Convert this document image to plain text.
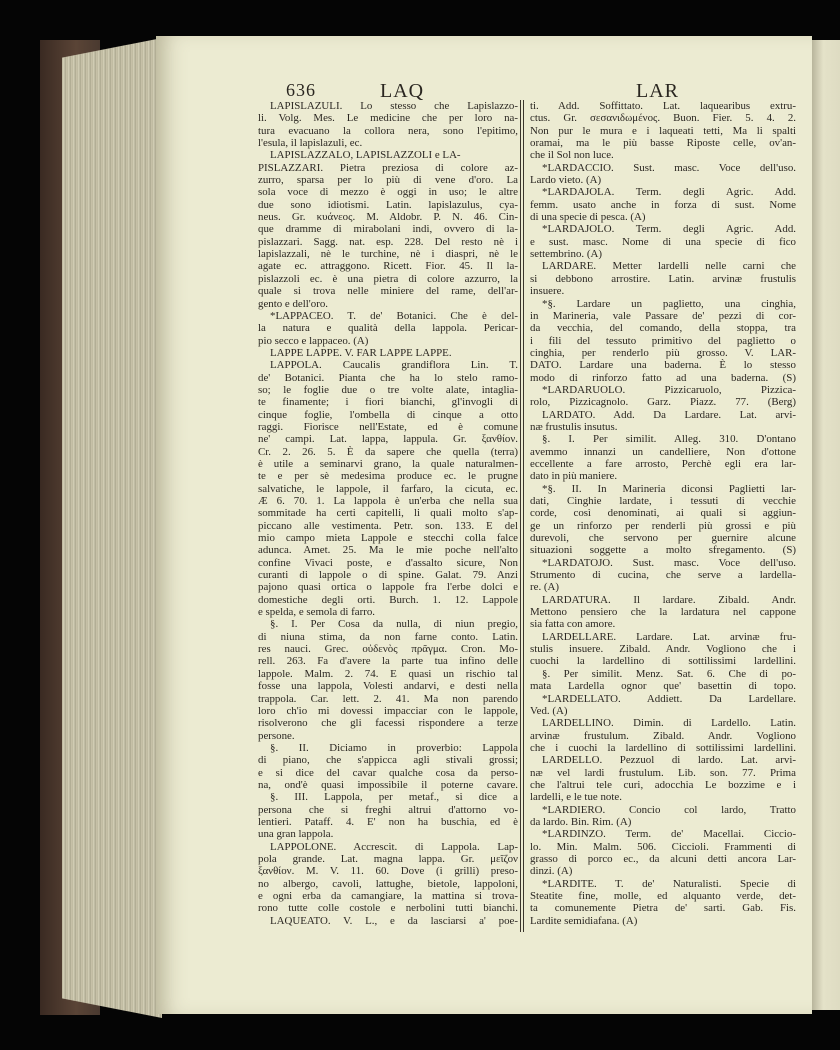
636	LAQ	LAR
LAPISLAZULI. Lo stesso che Lapislazzo-
li. Volg. Mes. Le medicine che per loro na-
tura evacuano la collora nera, sono l'epitimo,
l'esula, il lapislazuli, ec.
LAPISLAZZALO, LAPISLAZZOLI e LA-
PISLAZZARI. Pietra preziosa di colore az-
zurro, sparsa per lo più di vene d'oro. La
sola voce di mezzo è oggi in uso; le altre
due sono idiotismi. Latin. lapislazulus, cya-
neus. Gr. κυάνεος. M. Aldobr. P. N. 46. Cin-
que dramme di mirabolani indi, ovvero di la-
pislazzari. Sagg. nat. esp. 228. Del resto nè i
lapislazzali, nè le turchine, nè i diaspri, nè le
agate ec. attraggono. Ricett. Fior. 45. Il la-
pislazzoli ec. è una pietra di colore azzurro, la
quale si trova nelle miniere del rame, dell'ar-
gento e dell'oro.
*LAPPACEO. T. de' Botanici. Che è del-
la natura e qualità della lappola. Pericar-
pio secco e lappaceo. (A)
LAPPE LAPPE. V. FAR LAPPE LAPPE.
LAPPOLA. Caucalis grandiflora Lin. T.
de' Botanici. Pianta che ha lo stelo ramo-
so; le foglie due o tre volte alate, intaglia-
te finamente; i fiori bianchi, gl'invogli di
cinque foglie, l'ombella di cinque a otto
raggi. Fiorisce nell'Estate, ed è comune
ne' campi. Lat. lappa, lappula. Gr. ξανθίον.
Cr. 2. 26. 5. È da sapere che quella (terra)
è utile a seminarvi grano, la quale naturalmen-
te e per sè medesima produce ec. le prugne
salvatiche, le lappole, il farfaro, la cicuta, ec.
Æ 6. 70. 1. La lappola è un'erba che nella sua
sommitade ha certi capitelli, li quali molto s'ap-
piccano alle vestimenta. Petr. son. 133. E del
mio campo mieta Lappole e stecchi colla falce
adunca. Amet. 25. Ma le mie poche nell'alto
confine Vivaci poste, e d'assalto sicure, Non
curanti di lappole o di spine. Galat. 79. Anzi
pajono quasi ortica o lappole fra l'erbe dolci e
domestiche degli orti. Burch. 1. 12. Lappole
e spelda, e semola di farro.
§. I. Per Cosa da nulla, di niun pregio,
di niuna stima, da non farne conto. Latin.
res nauci. Grec. οὐδενὸς πρᾶγμα. Cron. Mo-
rell. 263. Fa d'avere la parte tua infino delle
lappole. Malm. 2. 74. E quasi un rischio tal
fosse una lappola, Volesti andarvi, e desti nella
trappola. Car. lett. 2. 41. Ma non parendo
loro ch'io mi dovessi impacciar con le lappole,
risolverono che gli facessi rispondere a terze
persone.
§. II. Diciamo in proverbio: Lappola
di piano, che s'appicca agli stivali grossi;
e si dice del cavar qualche cosa da perso-
na, ond'è quasi impossibile il poterne cavare.
§. III. Lappola, per metaf., si dice a
persona che si freghi altrui d'attorno vo-
lentieri. Pataff. 4. E' non ha buschia, ed è
una gran lappola.
LAPPOLONE. Accrescit. di Lappola. Lap-
pola grande. Lat. magna lappa. Gr. μεῖζον
ξανθίον. M. V. 11. 60. Dove (i grilli) preso-
no albergo, cavoli, lattughe, bietole, lappoloni,
e ogni erba da camangiare, la mattina si trova-
rono tutte colle costole e nerbolini tutti bianchi.
LAQUEATO. V. L., e da lasciarsi a' poe-
ti. Add. Soffittato. Lat. laquearibus extru-
ctus. Gr. σεσανιδωμένος. Buon. Fier. 5. 4. 2.
Non pur le mura e i laqueati tetti, Ma li spalti
oramai, ma le più basse Riposte celle, ov'an-
che il Sol non luce.
*LARDACCIO. Sust. masc. Voce dell'uso.
Lardo vieto. (A)
*LARDAJOLA. Term. degli Agric. Add.
femm. usato anche in forza di sust. Nome
di una specie di pesca. (A)
*LARDAJOLO. Term. degli Agric. Add.
e sust. masc. Nome di una specie di fico
settembrino. (A)
LARDARE. Metter lardelli nelle carni che
si debbono arrostire. Latin. arvinæ frustulis
insuere.
*§. Lardare un paglietto, una cinghia,
in Marineria, vale Passare de' pezzi di cor-
da vecchia, del comando, della stoppa, tra
i fili del tessuto primitivo del paglietto o
cinghia, per renderlo più grosso. V. LAR-
DATO. Lardare una baderna. È lo stesso
modo di rinforzo fatto ad una baderna. (S)
*LARDARUOLO. Pizzicaruolo, Pizzica-
rolo, Pizzicagnolo. Garz. Piazz. 77. (Berg)
LARDATO. Add. Da Lardare. Lat. arvi-
næ frustulis insutus.
§. I. Per similit. Alleg. 310. D'ontano
avemmo innanzi un candelliere, Non d'ottone
eccellente a fare arrosto, Perchè egli era lar-
dato in più maniere.
*§. II. In Marineria diconsi Paglietti lar-
dati, Cinghie lardate, i tessuti di vecchie
corde, così denominati, ai quali si aggiun-
ge un rinforzo per renderli più grossi e più
durevoli, che servono per guernire alcune
situazioni soggette a molto sfregamento. (S)
*LARDATOJO. Sust. masc. Voce dell'uso.
Strumento di cucina, che serve a lardella-
re. (A)
LARDATURA. Il lardare. Zibald. Andr.
Mettono pensiero che la lardatura nel cappone
sia fatta con amore.
LARDELLARE. Lardare. Lat. arvinæ fru-
stulis insuere. Zibald. Andr. Vogliono che i
cuochi la lardellino di sottilissimi lardellini.
§. Per similit. Menz. Sat. 6. Che di po-
mata Lardella ognor que' basettin di topo.
*LARDELLATO. Addiett. Da Lardellare.
Ved. (A)
LARDELLINO. Dimin. di Lardello. Latin.
arvinæ frustulum. Zibald. Andr. Vogliono
che i cuochi la lardellino di sottilissimi lardellini.
LARDELLO. Pezzuol di lardo. Lat. arvi-
næ vel lardi frustulum. Lib. son. 77. Prima
che l'altrui tele curi, adocchia Le bozzime e i
lardelli, e le tue note.
*LARDIERO. Concio col lardo, Tratto
da lardo. Bin. Rim. (A)
*LARDINZO. Term. de' Macellai. Ciccio-
lo. Min. Malm. 506. Ciccioli. Frammenti di
grasso di porco ec., da alcuni detti ancora Lar-
dinzi. (A)
*LARDITE. T. de' Naturalisti. Specie di
Steatite fine, molle, ed alquanto verde, det-
ta comunemente Pietra de' sarti. Gab. Fis.
Lardite semidiafana. (A)
